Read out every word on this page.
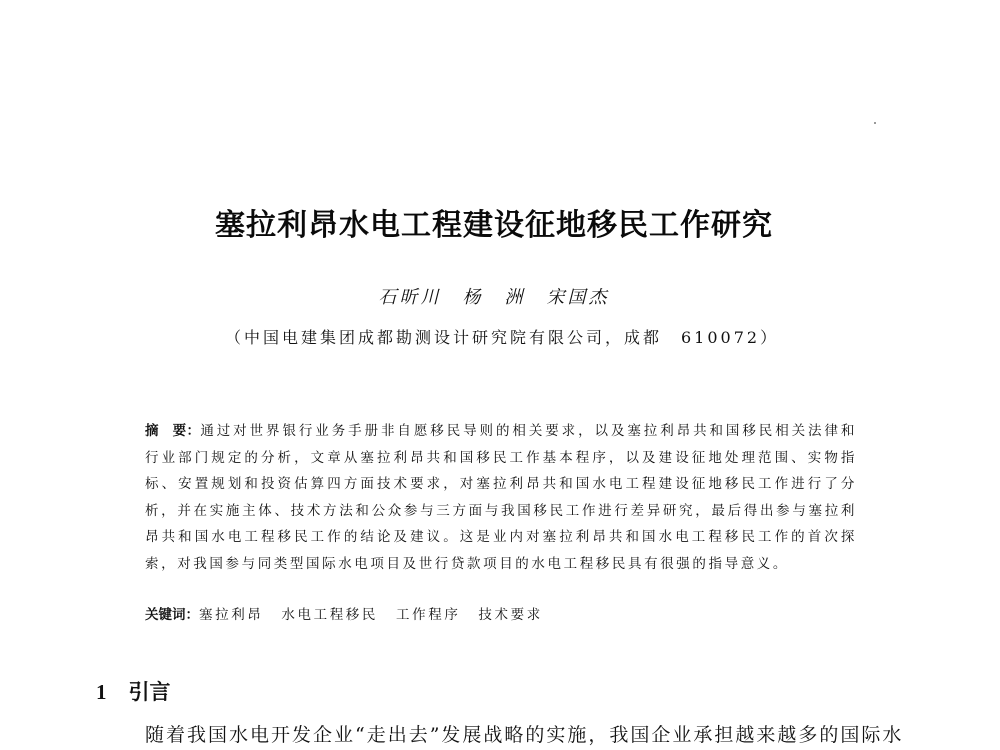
塞拉利昂水电工程建设征地移民工作研究
石昕川　杨　洲　宋国杰
（中国电建集团成都勘测设计研究院有限公司，成都　610072）
摘　要：通过对世界银行业务手册非自愿移民导则的相关要求，以及塞拉利昂共和国移民相关法律和行业部门规定的分析，文章从塞拉利昂共和国移民工作基本程序，以及建设征地处理范围、实物指标、安置规划和投资估算四方面技术要求，对塞拉利昂共和国水电工程建设征地移民工作进行了分析，并在实施主体、技术方法和公众参与三方面与我国移民工作进行差异研究，最后得出参与塞拉利昂共和国水电工程移民工作的结论及建议。这是业内对塞拉利昂共和国水电工程移民工作的首次探索，对我国参与同类型国际水电项目及世行贷款项目的水电工程移民具有很强的指导意义。
关键词：塞拉利昂 水电工程移民 工作程序 技术要求
1 引言
随着我国水电开发企业“走出去”发展战略的实施，我国企业承担越来越多的国际水
